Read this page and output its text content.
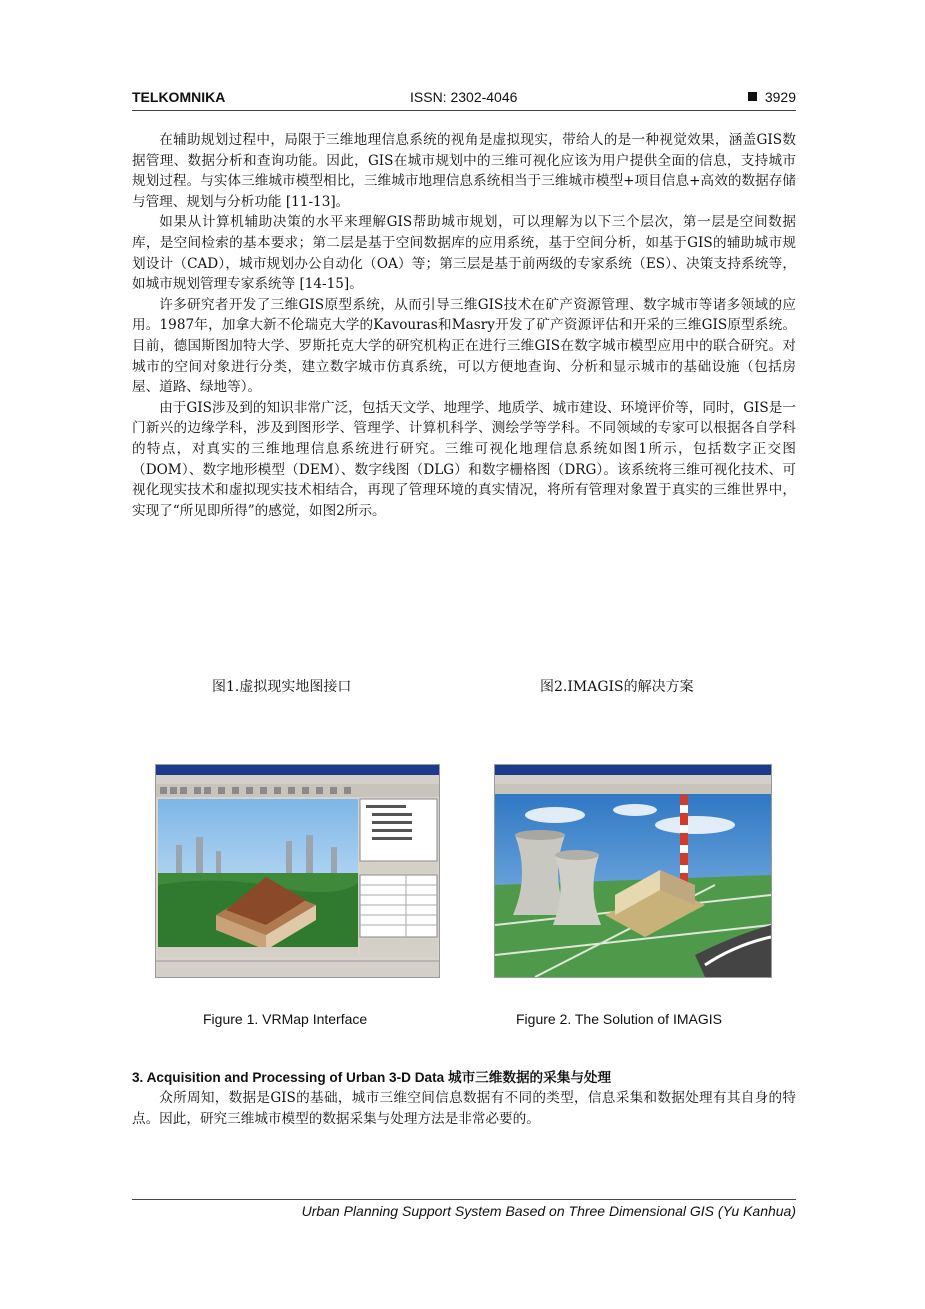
TELKOMNIKA	ISSN: 2302-4046	3929

在辅助规划过程中，局限于三维地理信息系统的视角是虚拟现实，带给人的是一种视觉效果，涵盖GIS数据管理、数据分析和查询功能。因此，GIS在城市规划中的三维可视化应该为用户提供全面的信息，支持城市规划过程。与实体三维城市模型相比，三维城市地理信息系统相当于三维城市模型+项目信息+高效的数据存储与管理、规划与分析功能 [11-13]。

如果从计算机辅助决策的水平来理解GIS帮助城市规划，可以理解为以下三个层次，第一层是空间数据库，是空间检索的基本要求；第二层是基于空间数据库的应用系统，基于空间分析，如基于GIS的辅助城市规划设计（CAD），城市规划办公自动化（OA）等；第三层是基于前两级的专家系统（ES）、决策支持系统等，如城市规划管理专家系统等 [14-15]。

许多研究者开发了三维GIS原型系统，从而引导三维GIS技术在矿产资源管理、数字城市等诸多领域的应用。1987年，加拿大新不伦瑞克大学的Kavouras和Masry开发了矿产资源评估和开采的三维GIS原型系统。目前，德国斯图加特大学、罗斯托克大学的研究机构正在进行三维GIS在数字城市模型应用中的联合研究。对城市的空间对象进行分类，建立数字城市仿真系统，可以方便地查询、分析和显示城市的基础设施（包括房屋、道路、绿地等）。

由于GIS涉及到的知识非常广泛，包括天文学、地理学、地质学、城市建设、环境评价等，同时，GIS是一门新兴的边缘学科，涉及到图形学、管理学、计算机科学、测绘学等学科。不同领域的专家可以根据各自学科的特点，对真实的三维地理信息系统进行研究。三维可视化地理信息系统如图1所示，包括数字正交图（DOM）、数字地形模型（DEM）、数字线图（DLG）和数字栅格图（DRG）。该系统将三维可视化技术、可视化现实技术和虚拟现实技术相结合，再现了管理环境的真实情况，将所有管理对象置于真实的三维世界中，实现了“所见即所得”的感觉，如图2所示。

图1.虚拟现实地图接口	图2.IMAGIS的解决方案
Figure 1. VRMap Interface	Figure 2. The Solution of IMAGIS
3. Acquisition and Processing of Urban 3-D Data 城市三维数据的采集与处理

众所周知，数据是GIS的基础，城市三维空间信息数据有不同的类型，信息采集和数据处理有其自身的特点。因此，研究三维城市模型的数据采集与处理方法是非常必要的。

Urban Planning Support System Based on Three Dimensional GIS (Yu Kanhua)
